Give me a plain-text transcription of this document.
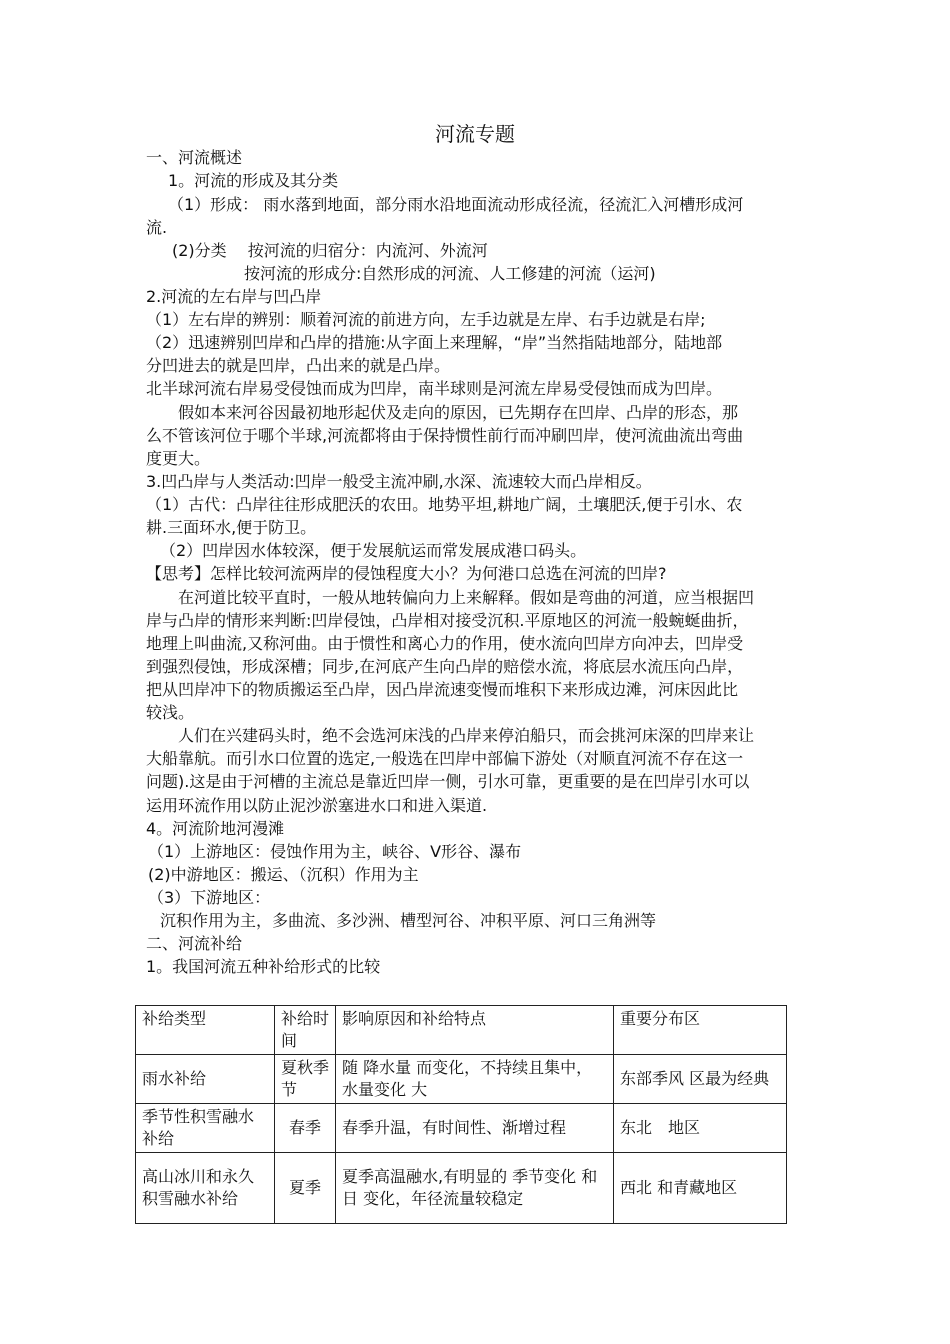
河流专题
一、河流概述
1。河流的形成及其分类
（1）形成： 雨水落到地面，部分雨水沿地面流动形成径流，径流汇入河槽形成河
流.
(2)分类　 按河流的归宿分：内流河、外流河
按河流的形成分:自然形成的河流、人工修建的河流（运河)
2.河流的左右岸与凹凸岸
（1）左右岸的辨别：顺着河流的前进方向，左手边就是左岸、右手边就是右岸;
（2）迅速辨别凹岸和凸岸的措施:从字面上来理解，“岸”当然指陆地部分，陆地部
分凹进去的就是凹岸，凸出来的就是凸岸。
北半球河流右岸易受侵蚀而成为凹岸，南半球则是河流左岸易受侵蚀而成为凹岸。
假如本来河谷因最初地形起伏及走向的原因，已先期存在凹岸、凸岸的形态，那
么不管该河位于哪个半球,河流都将由于保持惯性前行而冲刷凹岸，使河流曲流出弯曲
度更大。
3.凹凸岸与人类活动:凹岸一般受主流冲刷,水深、流速较大而凸岸相反。
（1）古代：凸岸往往形成肥沃的农田。地势平坦,耕地广阔，土壤肥沃,便于引水、农
耕.三面环水,便于防卫。
（2）凹岸因水体较深，便于发展航运而常发展成港口码头。
【思考】怎样比较河流两岸的侵蚀程度大小？为何港口总选在河流的凹岸?
在河道比较平直时，一般从地转偏向力上来解释。假如是弯曲的河道，应当根据凹
岸与凸岸的情形来判断:凹岸侵蚀，凸岸相对接受沉积.平原地区的河流一般蜿蜒曲折，
地理上叫曲流,又称河曲。由于惯性和离心力的作用，使水流向凹岸方向冲去，凹岸受
到强烈侵蚀，形成深槽；同步,在河底产生向凸岸的赔偿水流，将底层水流压向凸岸，
把从凹岸冲下的物质搬运至凸岸，因凸岸流速变慢而堆积下来形成边滩，河床因此比
较浅。
人们在兴建码头时，绝不会选河床浅的凸岸来停泊船只，而会挑河床深的凹岸来让
大船靠航。而引水口位置的选定,一般选在凹岸中部偏下游处（对顺直河流不存在这一
问题).这是由于河槽的主流总是靠近凹岸一侧，引水可靠，更重要的是在凹岸引水可以
运用环流作用以防止泥沙淤塞进水口和进入渠道.
4。河流阶地河漫滩
（1）上游地区：侵蚀作用为主，峡谷、V形谷、瀑布
(2)中游地区：搬运、（沉积）作用为主
（3）下游地区：
沉积作用为主，多曲流、多沙洲、槽型河谷、冲积平原、河口三角洲等
二、河流补给
1。我国河流五种补给形式的比较
补给类型	补给时间	影响原因和补给特点	重要分布区
雨水补给	夏秋季节	随 降水量 而变化，不持续且集中，水量变化 大	东部季风 区最为经典
季节性积雪融水补给	春季	春季升温，有时间性、渐增过程	东北　地区
高山冰川和永久积雪融水补给	夏季	夏季高温融水,有明显的 季节变化 和 日 变化，年径流量较稳定	西北 和青藏地区
